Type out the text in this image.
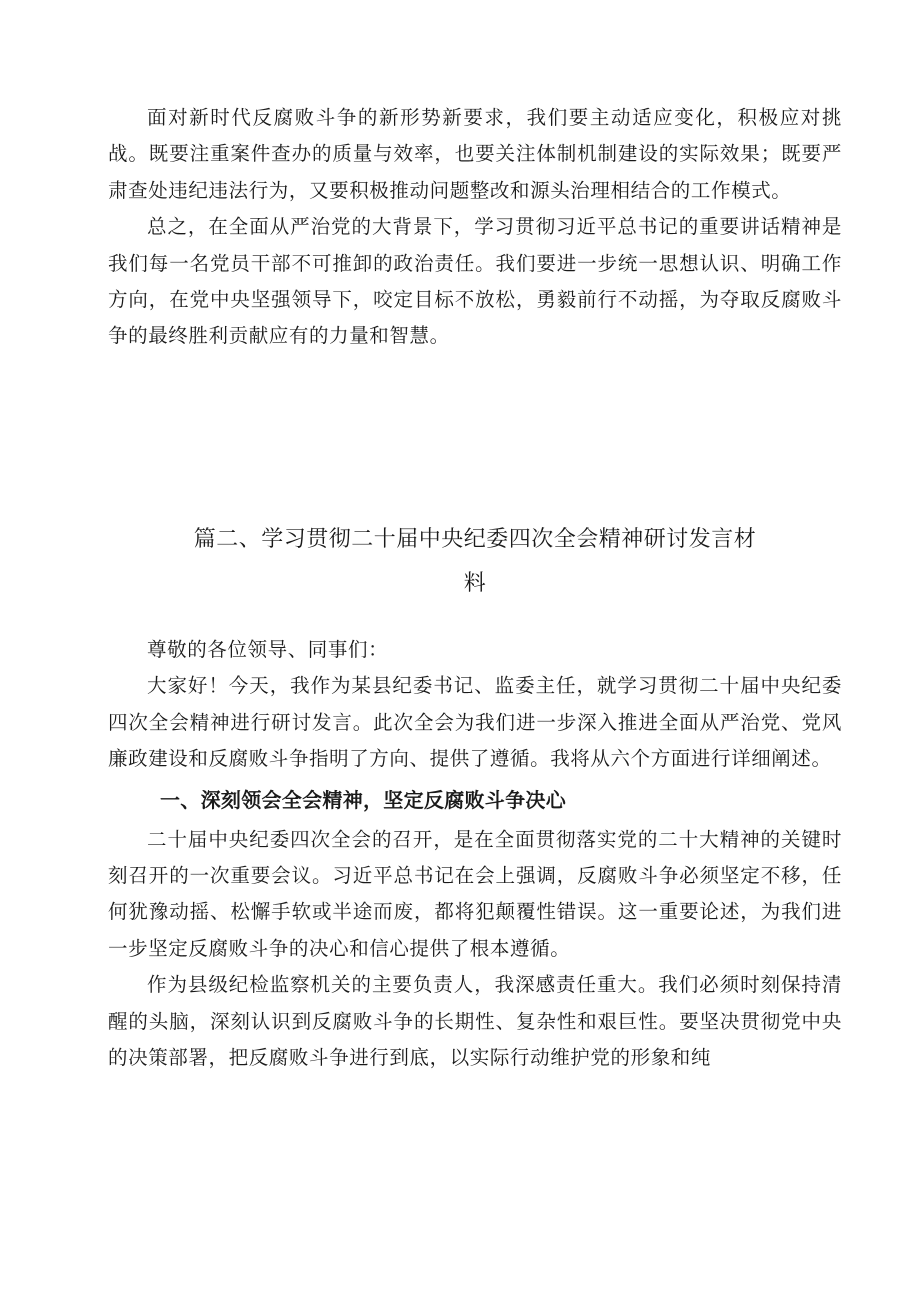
面对新时代反腐败斗争的新形势新要求，我们要主动适应变化，积极应对挑战。既要注重案件查办的质量与效率，也要关注体制机制建设的实际效果；既要严肃查处违纪违法行为，又要积极推动问题整改和源头治理相结合的工作模式。

总之，在全面从严治党的大背景下，学习贯彻习近平总书记的重要讲话精神是我们每一名党员干部不可推卸的政治责任。我们要进一步统一思想认识、明确工作方向，在党中央坚强领导下，咬定目标不放松，勇毅前行不动摇，为夺取反腐败斗争的最终胜利贡献应有的力量和智慧。

篇二、学习贯彻二十届中央纪委四次全会精神研讨发言材
料

尊敬的各位领导、同事们：

大家好！今天，我作为某县纪委书记、监委主任，就学习贯彻二十届中央纪委四次全会精神进行研讨发言。此次全会为我们进一步深入推进全面从严治党、党风廉政建设和反腐败斗争指明了方向、提供了遵循。我将从六个方面进行详细阐述。

一、深刻领会全会精神，坚定反腐败斗争决心

二十届中央纪委四次全会的召开，是在全面贯彻落实党的二十大精神的关键时刻召开的一次重要会议。习近平总书记在会上强调，反腐败斗争必须坚定不移，任何犹豫动摇、松懈手软或半途而废，都将犯颠覆性错误。这一重要论述，为我们进一步坚定反腐败斗争的决心和信心提供了根本遵循。

作为县级纪检监察机关的主要负责人，我深感责任重大。我们必须时刻保持清醒的头脑，深刻认识到反腐败斗争的长期性、复杂性和艰巨性。要坚决贯彻党中央的决策部署，把反腐败斗争进行到底，以实际行动维护党的形象和纯
